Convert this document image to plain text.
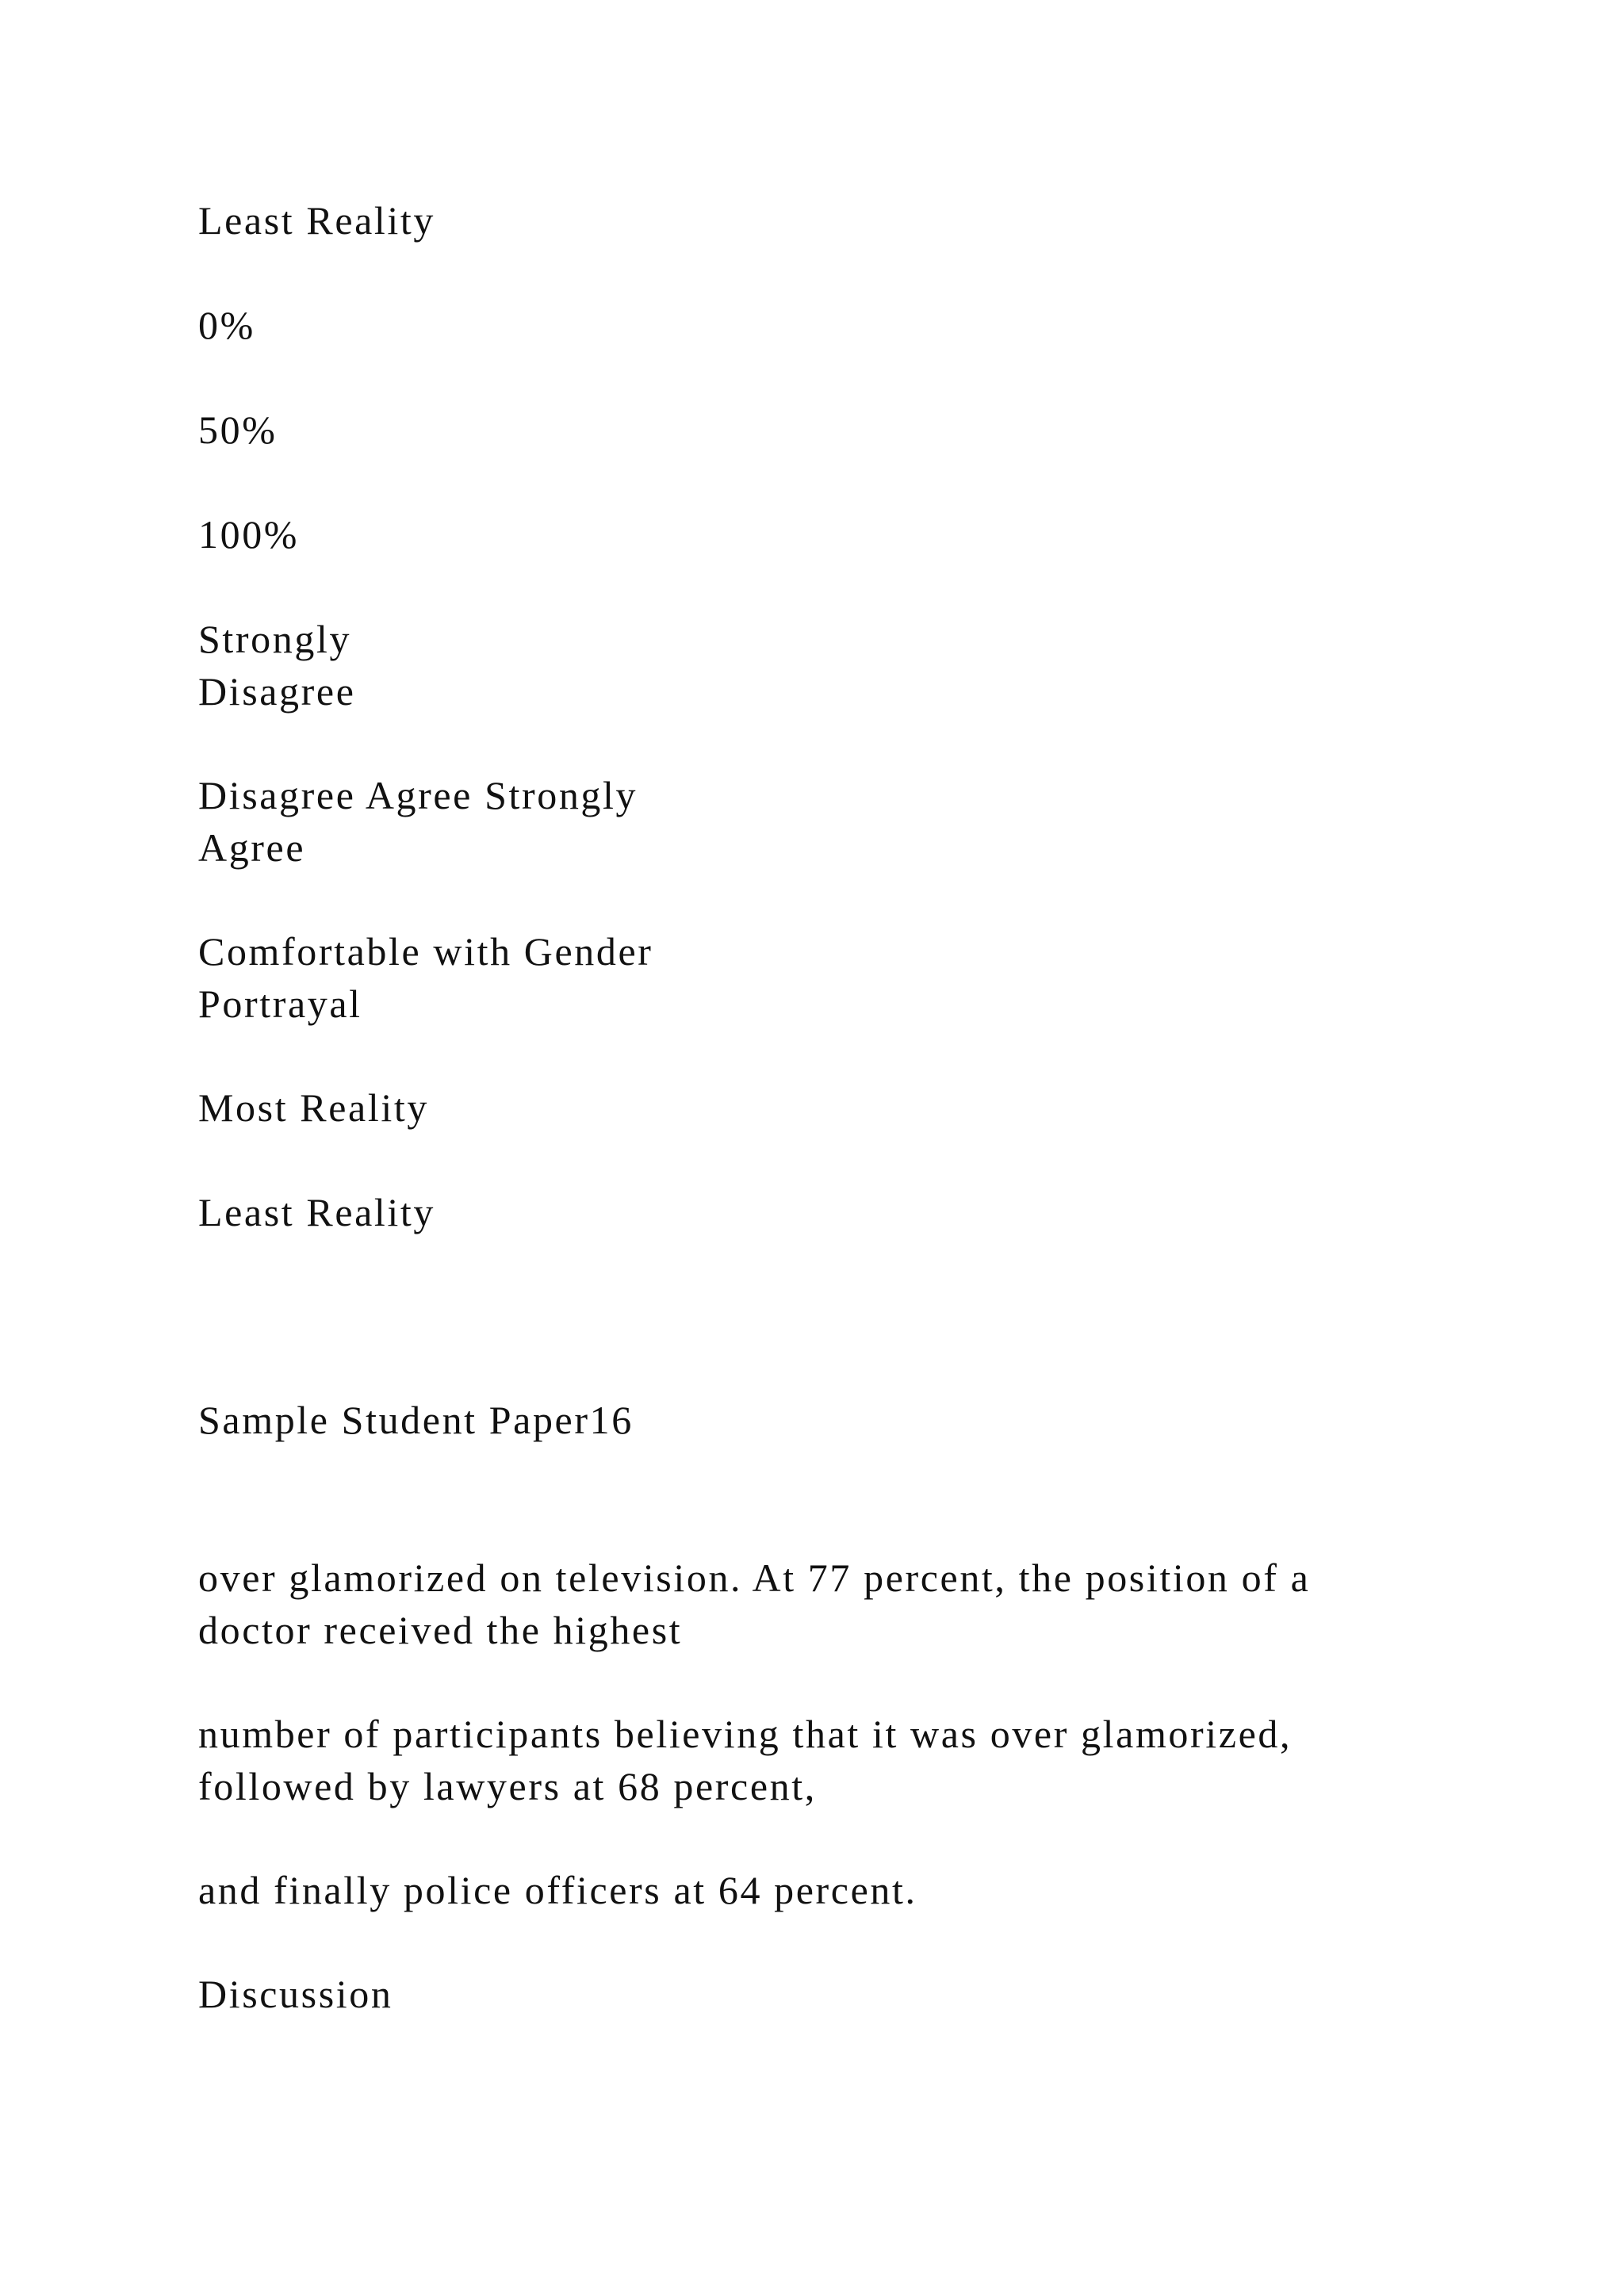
Least Reality

0%

50%

100%

Strongly
Disagree

Disagree Agree Strongly
Agree

Comfortable with Gender
Portrayal

Most Reality

Least Reality

Sample Student Paper16

over glamorized on television. At 77 percent, the position of a
doctor received the highest

number of participants believing that it was over glamorized,
followed by lawyers at 68 percent,

and finally police officers at 64 percent.

Discussion
